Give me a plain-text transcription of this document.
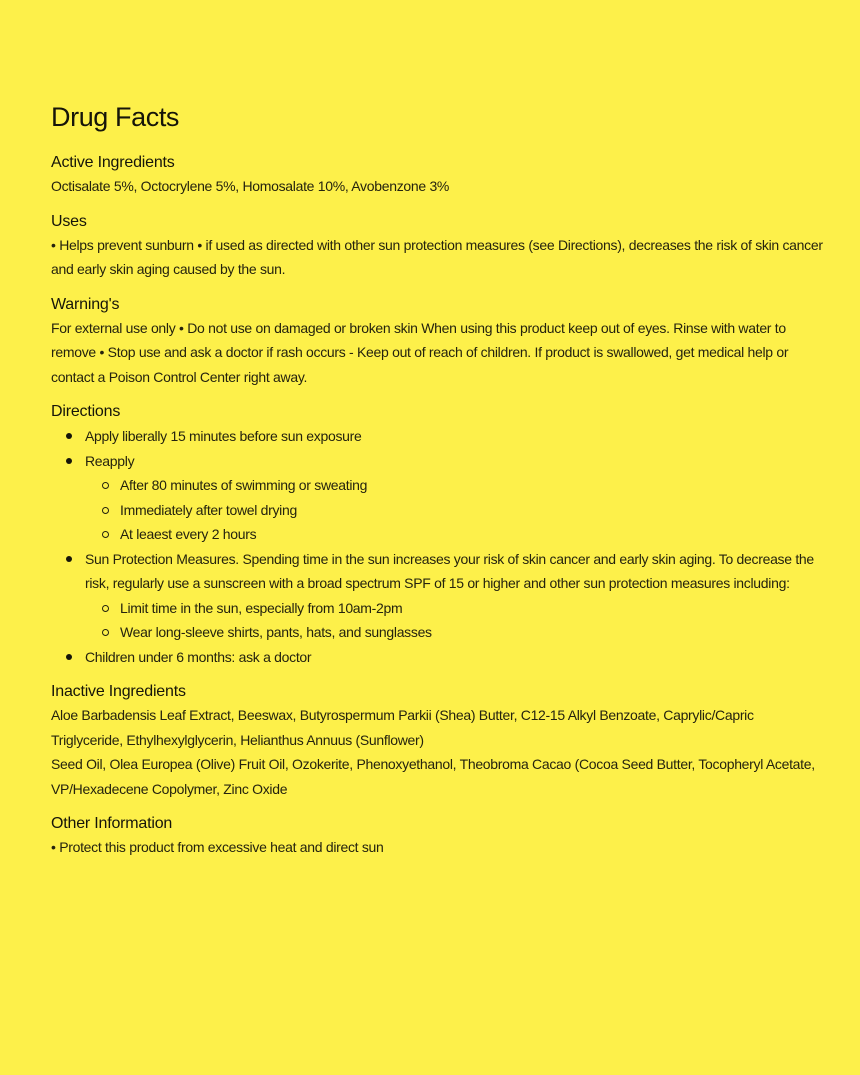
Drug Facts
Active Ingredients

Octisalate 5%, Octocrylene 5%, Homosalate 10%, Avobenzone 3%

Uses

• Helps prevent sunburn • if used as directed with other sun protection measures (see Directions), decreases the risk of skin cancer and early skin aging caused by the sun.

Warning's

For external use only • Do not use on damaged or broken skin When using this product keep out of eyes. Rinse with water to remove • Stop use and ask a doctor if rash occurs - Keep out of reach of children. If product is swallowed, get medical help or contact a Poison Control Center right away.

Directions
Apply liberally 15 minutes before sun exposure
Reapply
After 80 minutes of swimming or sweating
Immediately after towel drying
At leaest every 2 hours
Sun Protection Measures. Spending time in the sun increases your risk of skin cancer and early skin aging. To decrease the risk, regularly use a sunscreen with a broad spectrum SPF of 15 or higher and other sun protection measures including:
Limit time in the sun, especially from 10am-2pm
Wear long-sleeve shirts, pants, hats, and sunglasses
Children under 6 months: ask a doctor
Inactive Ingredients

Aloe Barbadensis Leaf Extract, Beeswax, Butyrospermum Parkii (Shea) Butter, C12-15 Alkyl Benzoate, Caprylic/Capric Triglyceride, Ethylhexylglycerin, Helianthus Annuus (Sunflower)

Seed Oil, Olea Europea (Olive) Fruit Oil, Ozokerite, Phenoxyethanol, Theobroma Cacao (Cocoa Seed Butter, Tocopheryl Acetate, VP/Hexadecene Copolymer, Zinc Oxide

Other Information

• Protect this product from excessive heat and direct sun
